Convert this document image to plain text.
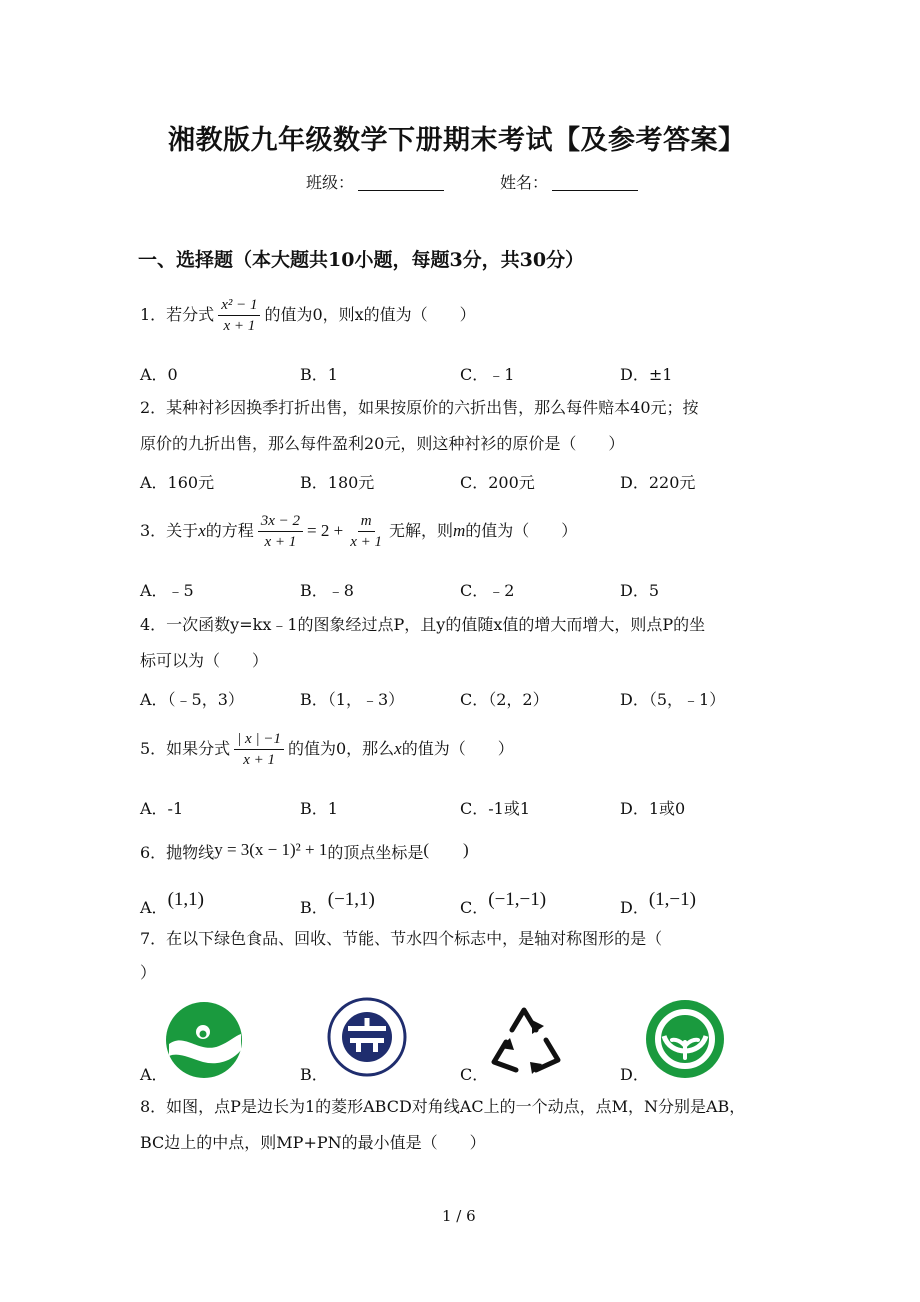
湘教版九年级数学下册期末考试【及参考答案】
班级：	姓名：
一、选择题（本大题共10小题，每题3分，共30分）
1．若分式 $\frac{\text{x² − 1}}{x + 1}$ 的值为0，则x的值为（　　）
A．0	B．1	C．﹣1	D．±1
2．某种衬衫因换季打折出售，如果按原价的六折出售，那么每件赔本40元；按
原价的九折出售，那么每件盈利20元，则这种衬衫的原价是（　　）
A．160元	B．180元	C．200元	D．220元
3．关于x的方程 $\frac{3x - 2}{x + 1} = 2 + \frac{m}{x + 1}$ 无解，则m的值为（　　）
A．﹣5	B．﹣8	C．﹣2	D．5
4．一次函数y=kx﹣1的图象经过点P，且y的值随x值的增大而增大，则点P的坐
标可以为（　　）
A．（﹣5，3）	B．（1，﹣3）	C．（2，2）	D．（5，﹣1）
5．如果分式 $\frac{| x | -1}{x + 1}$ 的值为0，那么x的值为（　　）
A．-1	B．1	C．-1或1	D．1或0
6．抛物线y = 3(x − 1)² + 1的顶点坐标是(　　)
A．(1,1)	B．(−1,1)	C．(−1,−1)	D．(1,−1)
7．在以下绿色食品、回收、节能、节水四个标志中，是轴对称图形的是（
）
A．	B．	C．	D．
8．如图，点P是边长为1的菱形ABCD对角线AC上的一个动点，点M，N分别是AB，
BC边上的中点，则MP+PN的最小值是（　　）
1 / 6
